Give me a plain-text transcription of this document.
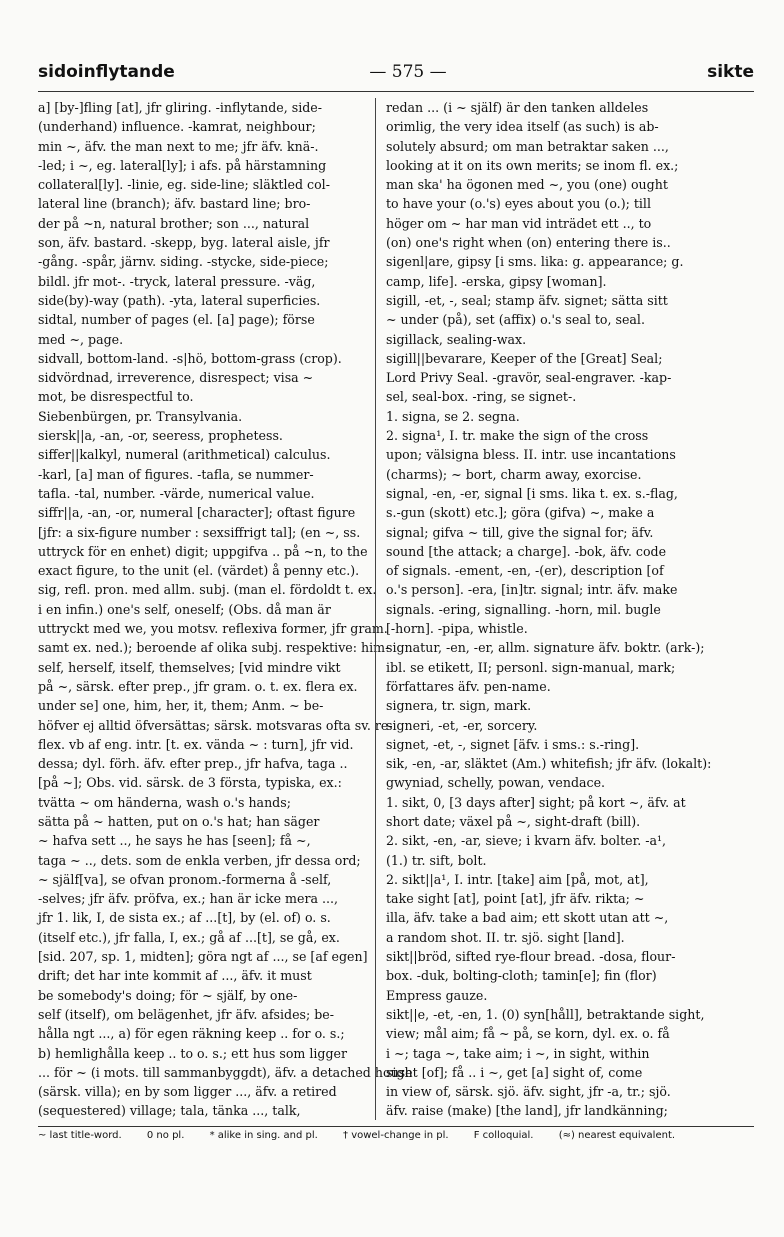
sidoinflytande	— 575 —	sikte
a] [by-]fling [at], jfr gliring. -inflytande, side-
(underhand) influence. -kamrat, neighbour;
min ~, äfv. the man next to me; jfr äfv. knä-.
-led; i ~, eg. lateral[ly]; i afs. på härstamning
collateral[ly]. -linie, eg. side-line; släktled col-
lateral line (branch); äfv. bastard line; bro-
der på ~n, natural brother; son ..., natural
son, äfv. bastard. -skepp, byg. lateral aisle, jfr
-gång. -spår, järnv. siding. -stycke, side-piece;
bildl. jfr mot-. -tryck, lateral pressure. -väg,
side(by)-way (path). -yta, lateral superficies.
sidtal, number of pages (el. [a] page); förse
med ~, page.
sidvall, bottom-land. -s|hö, bottom-grass (crop).
sidvördnad, irreverence, disrespect; visa ~
mot, be disrespectful to.
Siebenbürgen, pr. Transylvania.
siersk||a, -an, -or, seeress, prophetess.
siffer||kalkyl, numeral (arithmetical) calculus.
-karl, [a] man of figures. -tafla, se nummer-
tafla. -tal, number. -värde, numerical value.
siffr||a, -an, -or, numeral [character]; oftast figure
[jfr: a six-figure number : sexsiffrigt tal]; (en ~, ss.
uttryck för en enhet) digit; uppgifva .. på ~n, to the
exact figure, to the unit (el. (värdet) å penny etc.).
sig, refl. pron. med allm. subj. (man el. fördoldt t. ex.
i en infin.) one's self, oneself; (Obs. då man är
uttryckt med we, you motsv. reflexiva former, jfr gram.
samt ex. ned.); beroende af olika subj. respektive: him-
self, herself, itself, themselves; [vid mindre vikt
på ~, särsk. efter prep., jfr gram. o. t. ex. flera ex.
under se] one, him, her, it, them; Anm. ~ be-
höfver ej alltid öfversättas; särsk. motsvaras ofta sv. re-
flex. vb af eng. intr. [t. ex. vända ~ : turn], jfr vid.
dessa; dyl. förh. äfv. efter prep., jfr hafva, taga ..
[på ~]; Obs. vid. särsk. de 3 första, typiska, ex.:
tvätta ~ om händerna, wash o.'s hands;
sätta på ~ hatten, put on o.'s hat; han säger
~ hafva sett .., he says he has [seen]; få ~,
taga ~ .., dets. som de enkla verben, jfr dessa ord;
~ själf[va], se ofvan pronom.-formerna å -self,
-selves; jfr äfv. pröfva, ex.; han är icke mera ...,
jfr 1. lik, I, de sista ex.; af ...[t], by (el. of) o. s.
(itself etc.), jfr falla, I, ex.; gå af ...[t], se gå, ex.
[sid. 207, sp. 1, midten]; göra ngt af ..., se [af egen]
drift; det har inte kommit af ..., äfv. it must
be somebody's doing; för ~ själf, by one-
self (itself), om belägenhet, jfr äfv. afsides; be-
hålla ngt ..., a) för egen räkning keep .. for o. s.;
b) hemlighålla keep .. to o. s.; ett hus som ligger
... för ~ (i mots. till sammanbyggdt), äfv. a detached house
(särsk. villa); en by som ligger ..., äfv. a retired
(sequestered) village; tala, tänka ..., talk,
redan ... (i ~ själf) är den tanken alldeles
orimlig, the very idea itself (as such) is ab-
solutely absurd; om man betraktar saken ...,
looking at it on its own merits; se inom fl. ex.;
man ska' ha ögonen med ~, you (one) ought
to have your (o.'s) eyes about you (o.); till
höger om ~ har man vid inträdet ett .., to
(on) one's right when (on) entering there is..
sigenl|are, gipsy [i sms. lika: g. appearance; g.
camp, life]. -erska, gipsy [woman].
sigill, -et, -, seal; stamp äfv. signet; sätta sitt
~ under (på), set (affix) o.'s seal to, seal.
sigillack, sealing-wax.
sigill||bevarare, Keeper of the [Great] Seal;
Lord Privy Seal. -gravör, seal-engraver. -kap-
sel, seal-box. -ring, se signet-.
1. signa, se 2. segna.
2. signa¹, I. tr. make the sign of the cross
upon; välsigna bless. II. intr. use incantations
(charms); ~ bort, charm away, exorcise.
signal, -en, -er, signal [i sms. lika t. ex. s.-flag,
s.-gun (skott) etc.]; göra (gifva) ~, make a
signal; gifva ~ till, give the signal for; äfv.
sound [the attack; a charge]. -bok, äfv. code
of signals. -ement, -en, -(er), description [of
o.'s person]. -era, [in]tr. signal; intr. äfv. make
signals. -ering, signalling. -horn, mil. bugle
[-horn]. -pipa, whistle.
signatur, -en, -er, allm. signature äfv. boktr. (ark-);
ibl. se etikett, II; personl. sign-manual, mark;
författares äfv. pen-name.
signera, tr. sign, mark.
signeri, -et, -er, sorcery.
signet, -et, -, signet [äfv. i sms.: s.-ring].
sik, -en, -ar, släktet (Am.) whitefish; jfr äfv. (lokalt):
gwyniad, schelly, powan, vendace.
1. sikt, 0, [3 days after] sight; på kort ~, äfv. at
short date; växel på ~, sight-draft (bill).
2. sikt, -en, -ar, sieve; i kvarn äfv. bolter. -a¹,
(1.) tr. sift, bolt.
2. sikt||a¹, I. intr. [take] aim [på, mot, at],
take sight [at], point [at], jfr äfv. rikta; ~
illa, äfv. take a bad aim; ett skott utan att ~,
a random shot. II. tr. sjö. sight [land].
sikt||bröd, sifted rye-flour bread. -dosa, flour-
box. -duk, bolting-cloth; tamin[e]; fin (flor)
Empress gauze.
sikt||e, -et, -en, 1. (0) syn[håll], betraktande sight,
view; mål aim; få ~ på, se korn, dyl. ex. o. få
i ~; taga ~, take aim; i ~, in sight, within
sight [of]; få .. i ~, get [a] sight of, come
in view of, särsk. sjö. äfv. sight, jfr -a, tr.; sjö.
äfv. raise (make) [the land], jfr landkänning;
~ last title-word.	0 no pl.	* alike in sing. and pl.	† vowel-change in pl.	F colloquial.	(≈) nearest equivalent.
